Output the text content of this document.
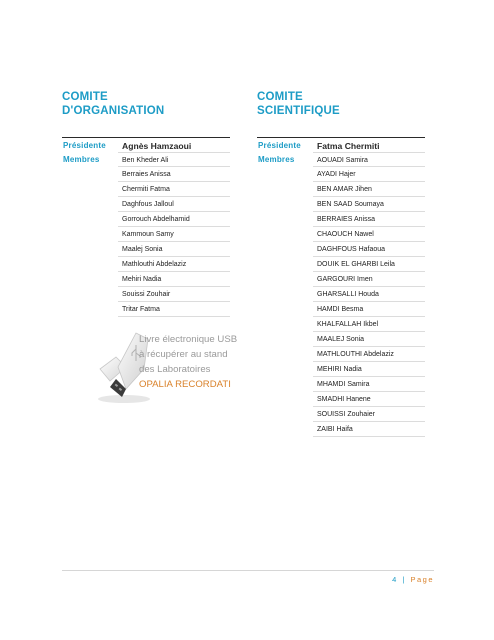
COMITE
D'ORGANISATION
COMITE
SCIENTIFIQUE
Présidente Agnès Hamzaoui
Membres	Ben Kheder Ali
Berraies Anissa
Chermiti Fatma
Daghfous Jalloul
Gorrouch Abdelhamid
Kammoun Samy
Maalej Sonia
Mathlouthi Abdelaziz
Mehiri Nadia
Souissi Zouhair
Tritar Fatma
Présidente Fatma Chermiti
Membres	AOUADI Samira
AYADI Hajer
BEN AMAR Jihen
BEN SAAD Soumaya
BERRAIES Anissa
CHAOUCH Nawel
DAGHFOUS Hafaoua
DOUIK EL GHARBI Leila
GARGOURI Imen
GHARSALLI Houda
HAMDI Besma
KHALFALLAH Ikbel
MAALEJ Sonia
MATHLOUTHI Abdelaziz
MEHIRI Nadia
MHAMDI Samira
SMADHI Hanene
SOUISSI Zouhaier
ZAIBI Haifa
Livre électronique USB
à récupérer au stand
des Laboratoires
OPALIA RECORDATI
4 | Page
